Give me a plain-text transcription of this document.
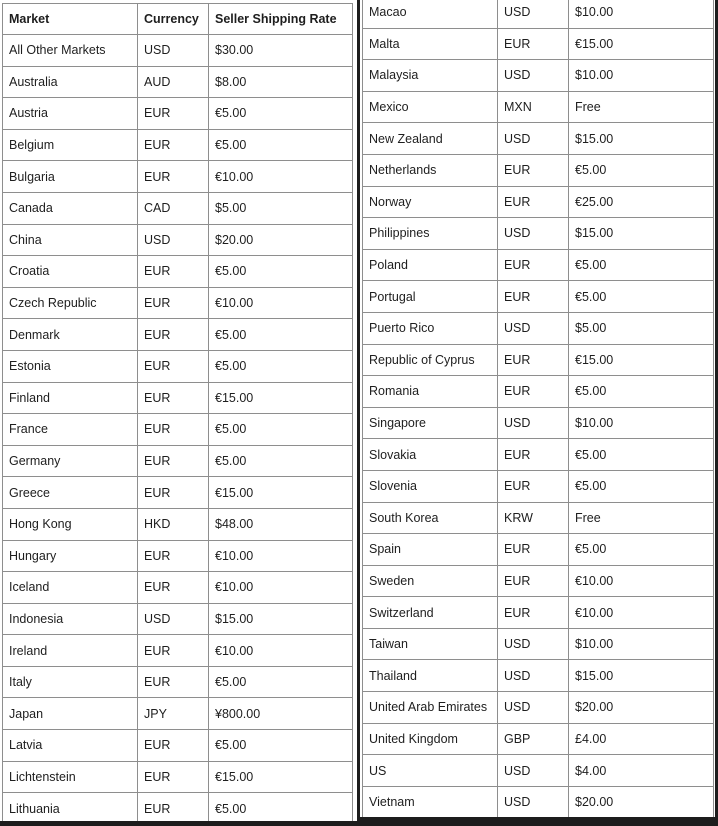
Market	Currency	Seller Shipping Rate
All Other Markets	USD	$30.00
Australia	AUD	$8.00
Austria	EUR	€5.00
Belgium	EUR	€5.00
Bulgaria	EUR	€10.00
Canada	CAD	$5.00
China	USD	$20.00
Croatia	EUR	€5.00
Czech Republic	EUR	€10.00
Denmark	EUR	€5.00
Estonia	EUR	€5.00
Finland	EUR	€15.00
France	EUR	€5.00
Germany	EUR	€5.00
Greece	EUR	€15.00
Hong Kong	HKD	$48.00
Hungary	EUR	€10.00
Iceland	EUR	€10.00
Indonesia	USD	$15.00
Ireland	EUR	€10.00
Italy	EUR	€5.00
Japan	JPY	¥800.00
Latvia	EUR	€5.00
Lichtenstein	EUR	€15.00
Lithuania	EUR	€5.00
Macao	USD	$10.00
Malta	EUR	€15.00
Malaysia	USD	$10.00
Mexico	MXN	Free
New Zealand	USD	$15.00
Netherlands	EUR	€5.00
Norway	EUR	€25.00
Philippines	USD	$15.00
Poland	EUR	€5.00
Portugal	EUR	€5.00
Puerto Rico	USD	$5.00
Republic of Cyprus	EUR	€15.00
Romania	EUR	€5.00
Singapore	USD	$10.00
Slovakia	EUR	€5.00
Slovenia	EUR	€5.00
South Korea	KRW	Free
Spain	EUR	€5.00
Sweden	EUR	€10.00
Switzerland	EUR	€10.00
Taiwan	USD	$10.00
Thailand	USD	$15.00
United Arab Emirates	USD	$20.00
United Kingdom	GBP	£4.00
US	USD	$4.00
Vietnam	USD	$20.00
